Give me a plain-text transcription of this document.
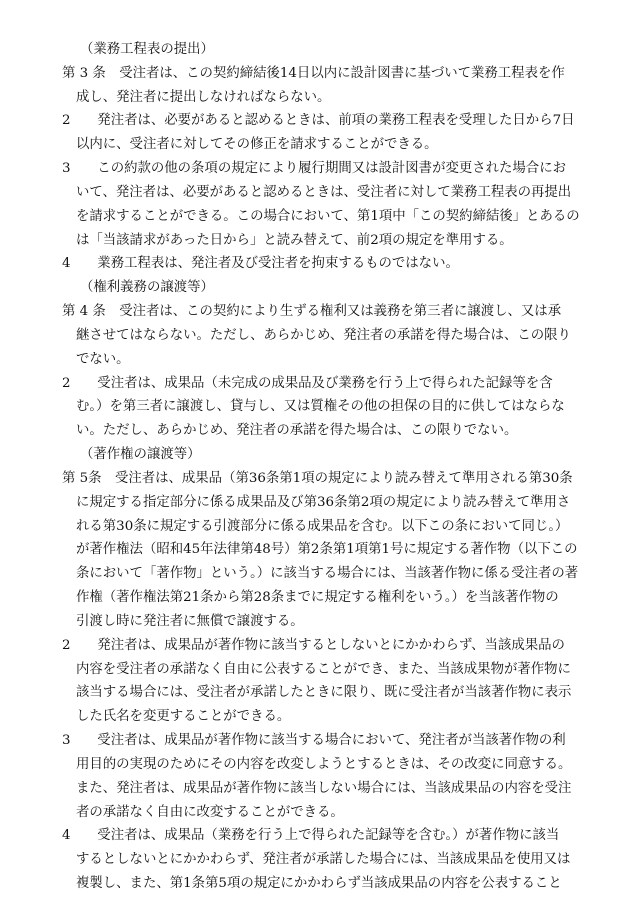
（業務工程表の提出）
第 3 条　受注者は、この契約締結後14日以内に設計図書に基づいて業務工程表を作
成し、発注者に提出しなければならない。
2　　発注者は、必要があると認めるときは、前項の業務工程表を受理した日から7日
以内に、受注者に対してその修正を請求することができる。
3　　この約款の他の条項の規定により履行期間又は設計図書が変更された場合にお
いて、発注者は、必要があると認めるときは、受注者に対して業務工程表の再提出
を請求することができる。この場合において、第1項中「この契約締結後」とあるの
は「当該請求があった日から」と読み替えて、前2項の規定を準用する。
4　　業務工程表は、発注者及び受注者を拘束するものではない。
（権利義務の譲渡等）
第 4 条　受注者は、この契約により生ずる権利又は義務を第三者に譲渡し、又は承
継させてはならない。ただし、あらかじめ、発注者の承諾を得た場合は、この限り
でない。
2　　受注者は、成果品（未完成の成果品及び業務を行う上で得られた記録等を含
む。）を第三者に譲渡し、貸与し、又は質権その他の担保の目的に供してはならな
い。ただし、あらかじめ、発注者の承諾を得た場合は、この限りでない。
（著作権の譲渡等）
第 5条　受注者は、成果品（第36条第1項の規定により読み替えて準用される第30条
に規定する指定部分に係る成果品及び第36条第2項の規定により読み替えて準用さ
れる第30条に規定する引渡部分に係る成果品を含む。以下この条において同じ。）
が著作権法（昭和45年法律第48号）第2条第1項第1号に規定する著作物（以下この
条において「著作物」という。）に該当する場合には、当該著作物に係る受注者の著
作権（著作権法第21条から第28条までに規定する権利をいう。）を当該著作物の
引渡し時に発注者に無償で譲渡する。
2　　発注者は、成果品が著作物に該当するとしないとにかかわらず、当該成果品の
内容を受注者の承諾なく自由に公表することができ、また、当該成果物が著作物に
該当する場合には、受注者が承諾したときに限り、既に受注者が当該著作物に表示
した氏名を変更することができる。
3　　受注者は、成果品が著作物に該当する場合において、発注者が当該著作物の利
用目的の実現のためにその内容を改変しようとするときは、その改変に同意する。
また、発注者は、成果品が著作物に該当しない場合には、当該成果品の内容を受注
者の承諾なく自由に改変することができる。
4　　受注者は、成果品（業務を行う上で得られた記録等を含む。）が著作物に該当
するとしないとにかかわらず、発注者が承諾した場合には、当該成果品を使用又は
複製し、また、第1条第5項の規定にかかわらず当該成果品の内容を公表すること
